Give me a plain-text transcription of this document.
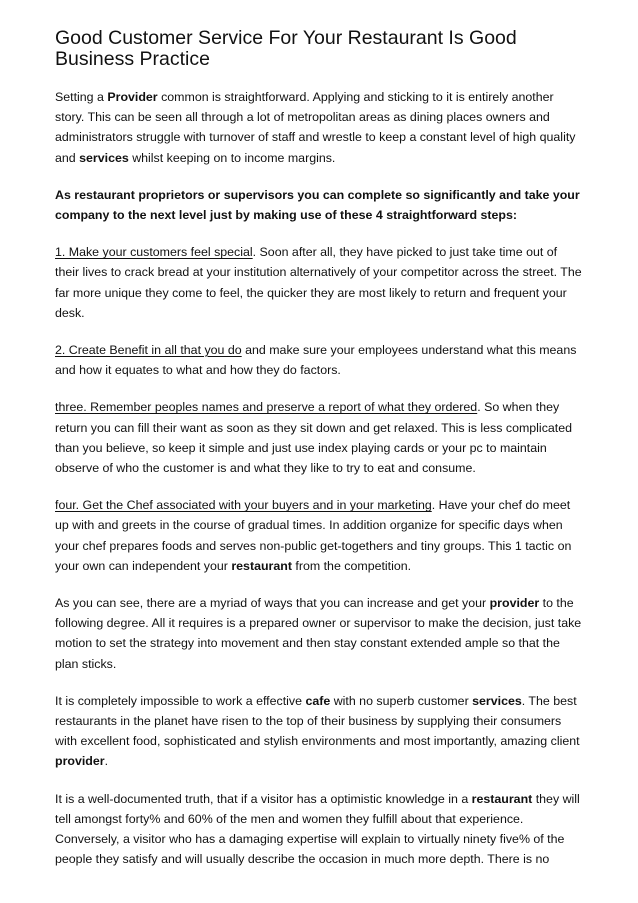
Good Customer Service For Your Restaurant Is Good Business Practice

Setting a Provider common is straightforward. Applying and sticking to it is entirely another story. This can be seen all through a lot of metropolitan areas as dining places owners and administrators struggle with turnover of staff and wrestle to keep a constant level of high quality and services whilst keeping on to income margins.

As restaurant proprietors or supervisors you can complete so significantly and take your company to the next level just by making use of these 4 straightforward steps:

1. Make your customers feel special. Soon after all, they have picked to just take time out of their lives to crack bread at your institution alternatively of your competitor across the street. The far more unique they come to feel, the quicker they are most likely to return and frequent your desk.

2. Create Benefit in all that you do and make sure your employees understand what this means and how it equates to what and how they do factors.

three. Remember peoples names and preserve a report of what they ordered. So when they return you can fill their want as soon as they sit down and get relaxed. This is less complicated than you believe, so keep it simple and just use index playing cards or your pc to maintain observe of who the customer is and what they like to try to eat and consume.

four. Get the Chef associated with your buyers and in your marketing. Have your chef do meet up with and greets in the course of gradual times. In addition organize for specific days when your chef prepares foods and serves non-public get-togethers and tiny groups. This 1 tactic on your own can independent your restaurant from the competition.

As you can see, there are a myriad of ways that you can increase and get your provider to the following degree. All it requires is a prepared owner or supervisor to make the decision, just take motion to set the strategy into movement and then stay constant extended ample so that the plan sticks.

It is completely impossible to work a effective cafe with no superb customer services. The best restaurants in the planet have risen to the top of their business by supplying their consumers with excellent food, sophisticated and stylish environments and most importantly, amazing client provider.

It is a well-documented truth, that if a visitor has a optimistic knowledge in a restaurant they will tell amongst forty% and 60% of the men and women they fulfill about that experience. Conversely, a visitor who has a damaging expertise will explain to virtually ninety five% of the people they satisfy and will usually describe the occasion in much more depth. There is no
